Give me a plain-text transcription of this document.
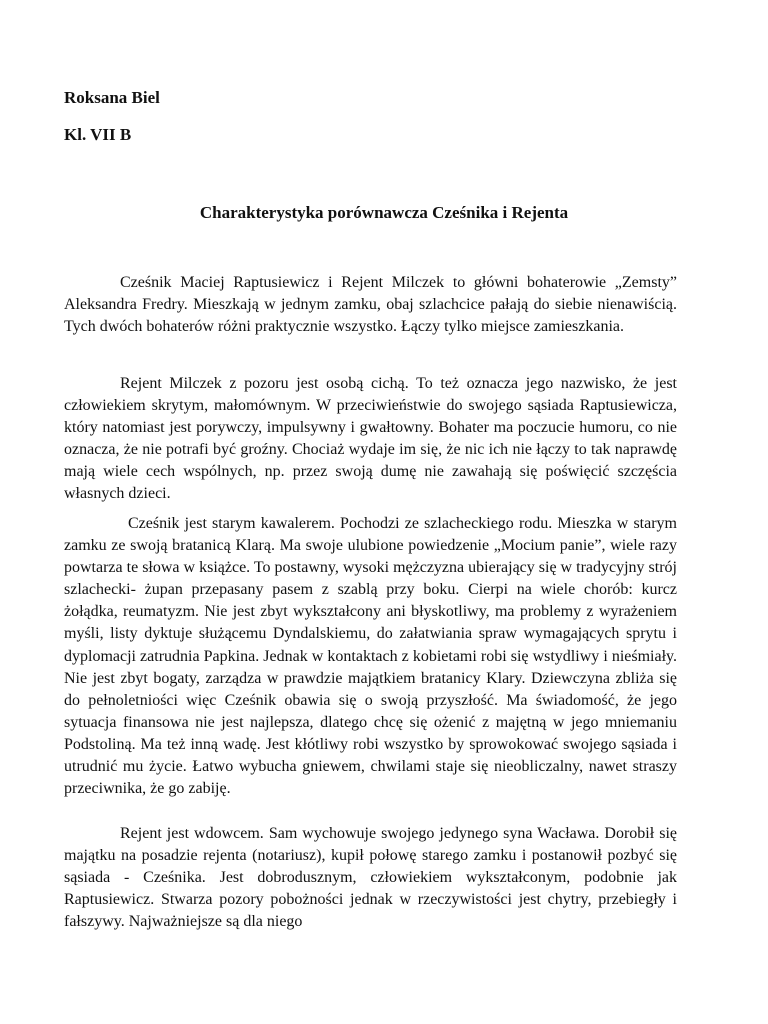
Roksana Biel

Kl. VII B

Charakterystyka porównawcza Cześnika i Rejenta

Cześnik Maciej Raptusiewicz i Rejent Milczek to główni bohaterowie „Zemsty” Aleksandra Fredry. Mieszkają w jednym zamku, obaj szlachcice pałają do siebie nienawiścią. Tych dwóch bohaterów różni praktycznie wszystko. Łączy tylko miejsce zamieszkania.

Rejent Milczek z pozoru jest osobą cichą. To też oznacza jego nazwisko, że jest człowiekiem skrytym, małomównym. W przeciwieństwie do swojego sąsiada Raptusiewicza, który natomiast jest porywczy, impulsywny i gwałtowny. Bohater ma poczucie humoru, co nie oznacza, że nie potrafi być groźny. Chociaż wydaje im się, że nic ich nie łączy to tak naprawdę mają wiele cech wspólnych, np. przez swoją dumę nie zawahają się poświęcić szczęścia własnych dzieci.

Cześnik jest starym kawalerem. Pochodzi ze szlacheckiego rodu. Mieszka w starym zamku ze swoją bratanicą Klarą. Ma swoje ulubione powiedzenie „Mocium panie”, wiele razy powtarza te słowa w książce. To postawny, wysoki mężczyzna ubierający się w tradycyjny strój szlachecki- żupan przepasany pasem z szablą przy boku. Cierpi na wiele chorób: kurcz żołądka, reumatyzm. Nie jest zbyt wykształcony ani błyskotliwy, ma problemy z wyrażeniem myśli, listy dyktuje służącemu Dyndalskiemu, do załatwiania spraw wymagających sprytu i dyplomacji zatrudnia Papkina. Jednak w kontaktach z kobietami robi się wstydliwy i nieśmiały. Nie jest zbyt bogaty, zarządza w prawdzie majątkiem bratanicy Klary. Dziewczyna zbliża się do pełnoletniości więc Cześnik obawia się o swoją przyszłość. Ma świadomość, że jego sytuacja finansowa nie jest najlepsza, dlatego chcę się ożenić z majętną w jego mniemaniu Podstoliną. Ma też inną wadę. Jest kłótliwy robi wszystko by sprowokować swojego sąsiada i utrudnić mu życie. Łatwo wybucha gniewem, chwilami staje się nieobliczalny, nawet straszy przeciwnika, że go zabiję.

Rejent jest wdowcem. Sam wychowuje swojego jedynego syna Wacława. Dorobił się majątku na posadzie rejenta (notariusz), kupił połowę starego zamku i postanowił pozbyć się sąsiada - Cześnika. Jest dobrodusznym, człowiekiem wykształconym, podobnie jak Raptusiewicz. Stwarza pozory pobożności jednak w rzeczywistości jest chytry, przebiegły i fałszywy. Najważniejsze są dla niego
